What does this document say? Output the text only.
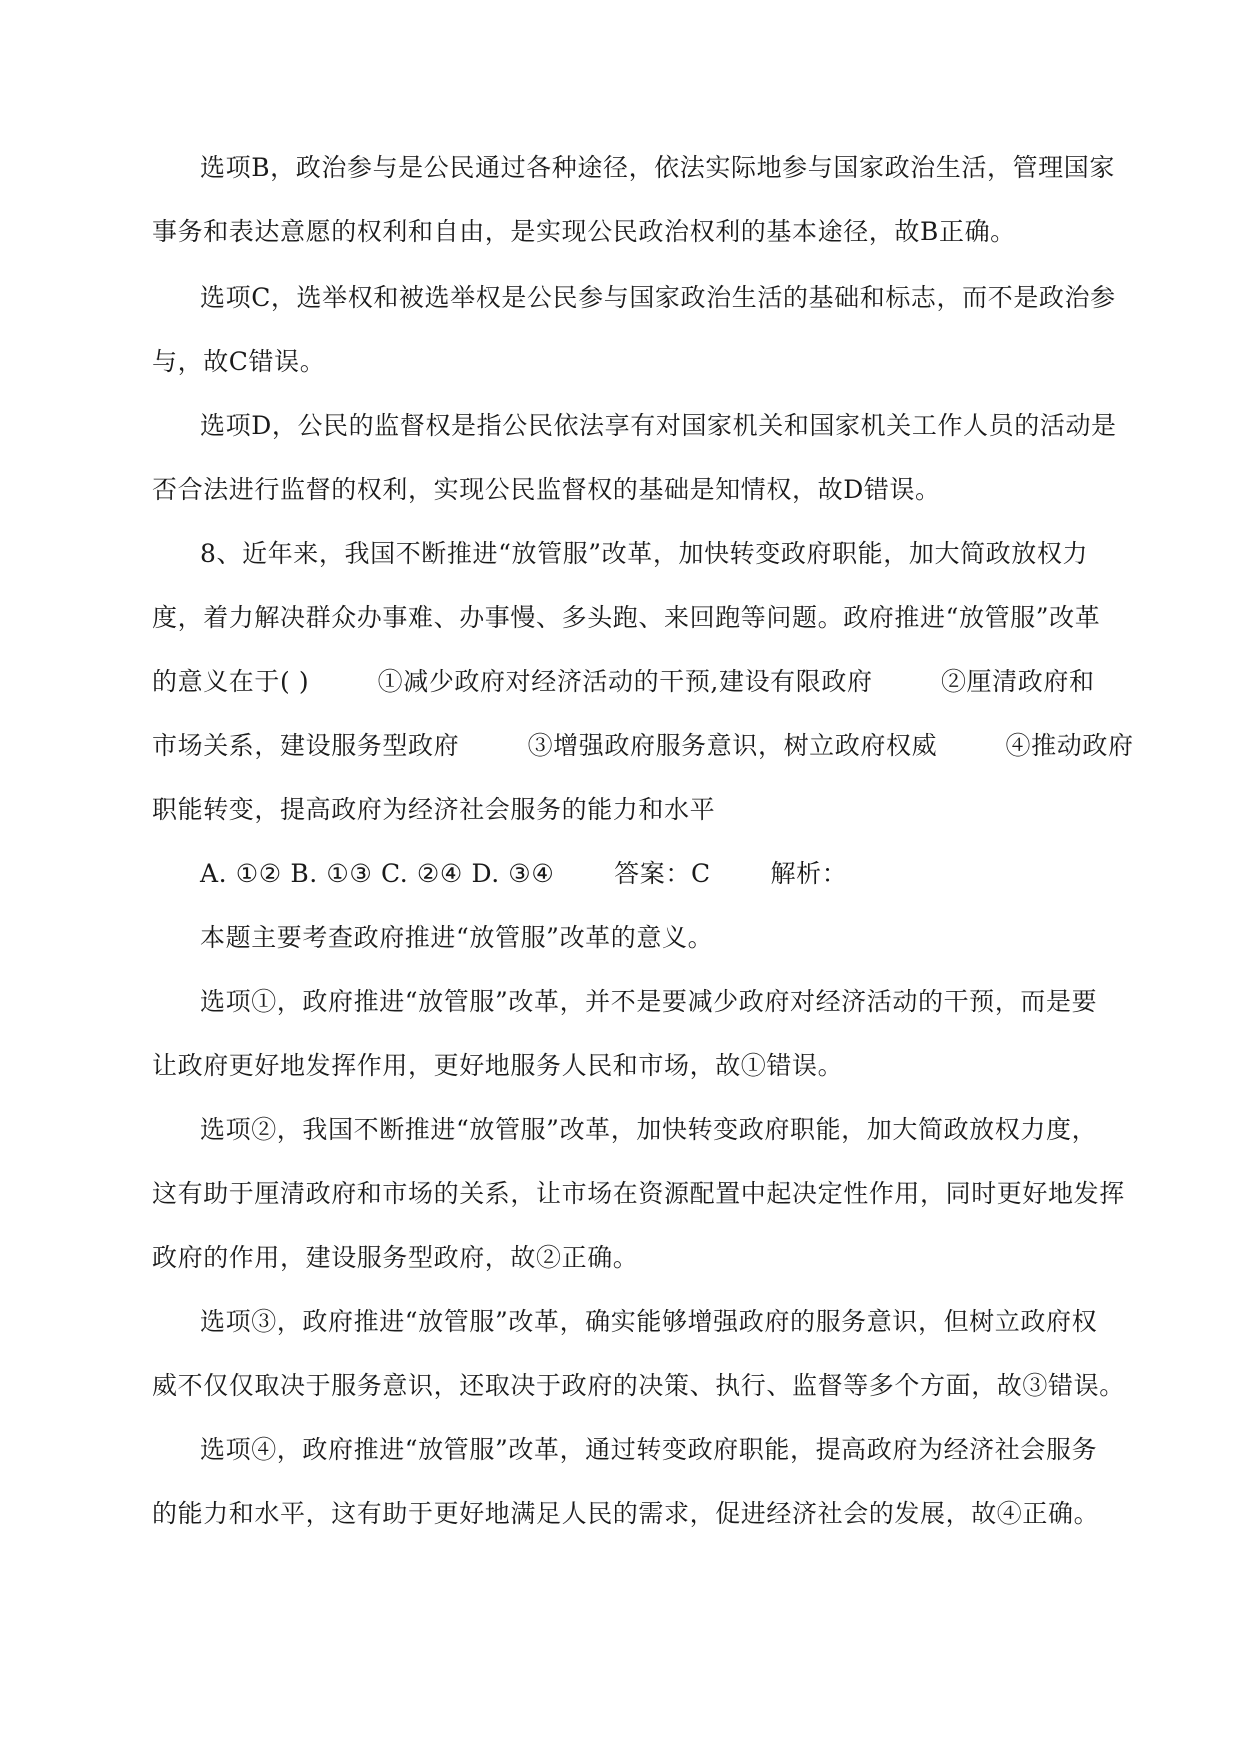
选项B，政治参与是公民通过各种途径，依法实际地参与国家政治生活，管理国家
事务和表达意愿的权利和自由，是实现公民政治权利的基本途径，故B正确。
选项C，选举权和被选举权是公民参与国家政治生活的基础和标志，而不是政治参
与，故C错误。
选项D，公民的监督权是指公民依法享有对国家机关和国家机关工作人员的活动是
否合法进行监督的权利，实现公民监督权的基础是知情权，故D错误。
8、近年来，我国不断推进“放管服”改革，加快转变政府职能，加大简政放权力
度，着力解决群众办事难、办事慢、多头跑、来回跑等问题。政府推进“放管服”改革
的意义在于( )        ①减少政府对经济活动的干预,建设有限政府        ②厘清政府和
市场关系，建设服务型政府        ③增强政府服务意识，树立政府权威        ④推动政府
职能转变，提高政府为经济社会服务的能力和水平
A. ①② B. ①③ C. ②④ D. ③④       答案：C       解析：
本题主要考查政府推进“放管服”改革的意义。
选项①，政府推进“放管服”改革，并不是要减少政府对经济活动的干预，而是要
让政府更好地发挥作用，更好地服务人民和市场，故①错误。
选项②，我国不断推进“放管服”改革，加快转变政府职能，加大简政放权力度，
这有助于厘清政府和市场的关系，让市场在资源配置中起决定性作用，同时更好地发挥
政府的作用，建设服务型政府，故②正确。
选项③，政府推进“放管服”改革，确实能够增强政府的服务意识，但树立政府权
威不仅仅取决于服务意识，还取决于政府的决策、执行、监督等多个方面，故③错误。
选项④，政府推进“放管服”改革，通过转变政府职能，提高政府为经济社会服务
的能力和水平，这有助于更好地满足人民的需求，促进经济社会的发展，故④正确。
